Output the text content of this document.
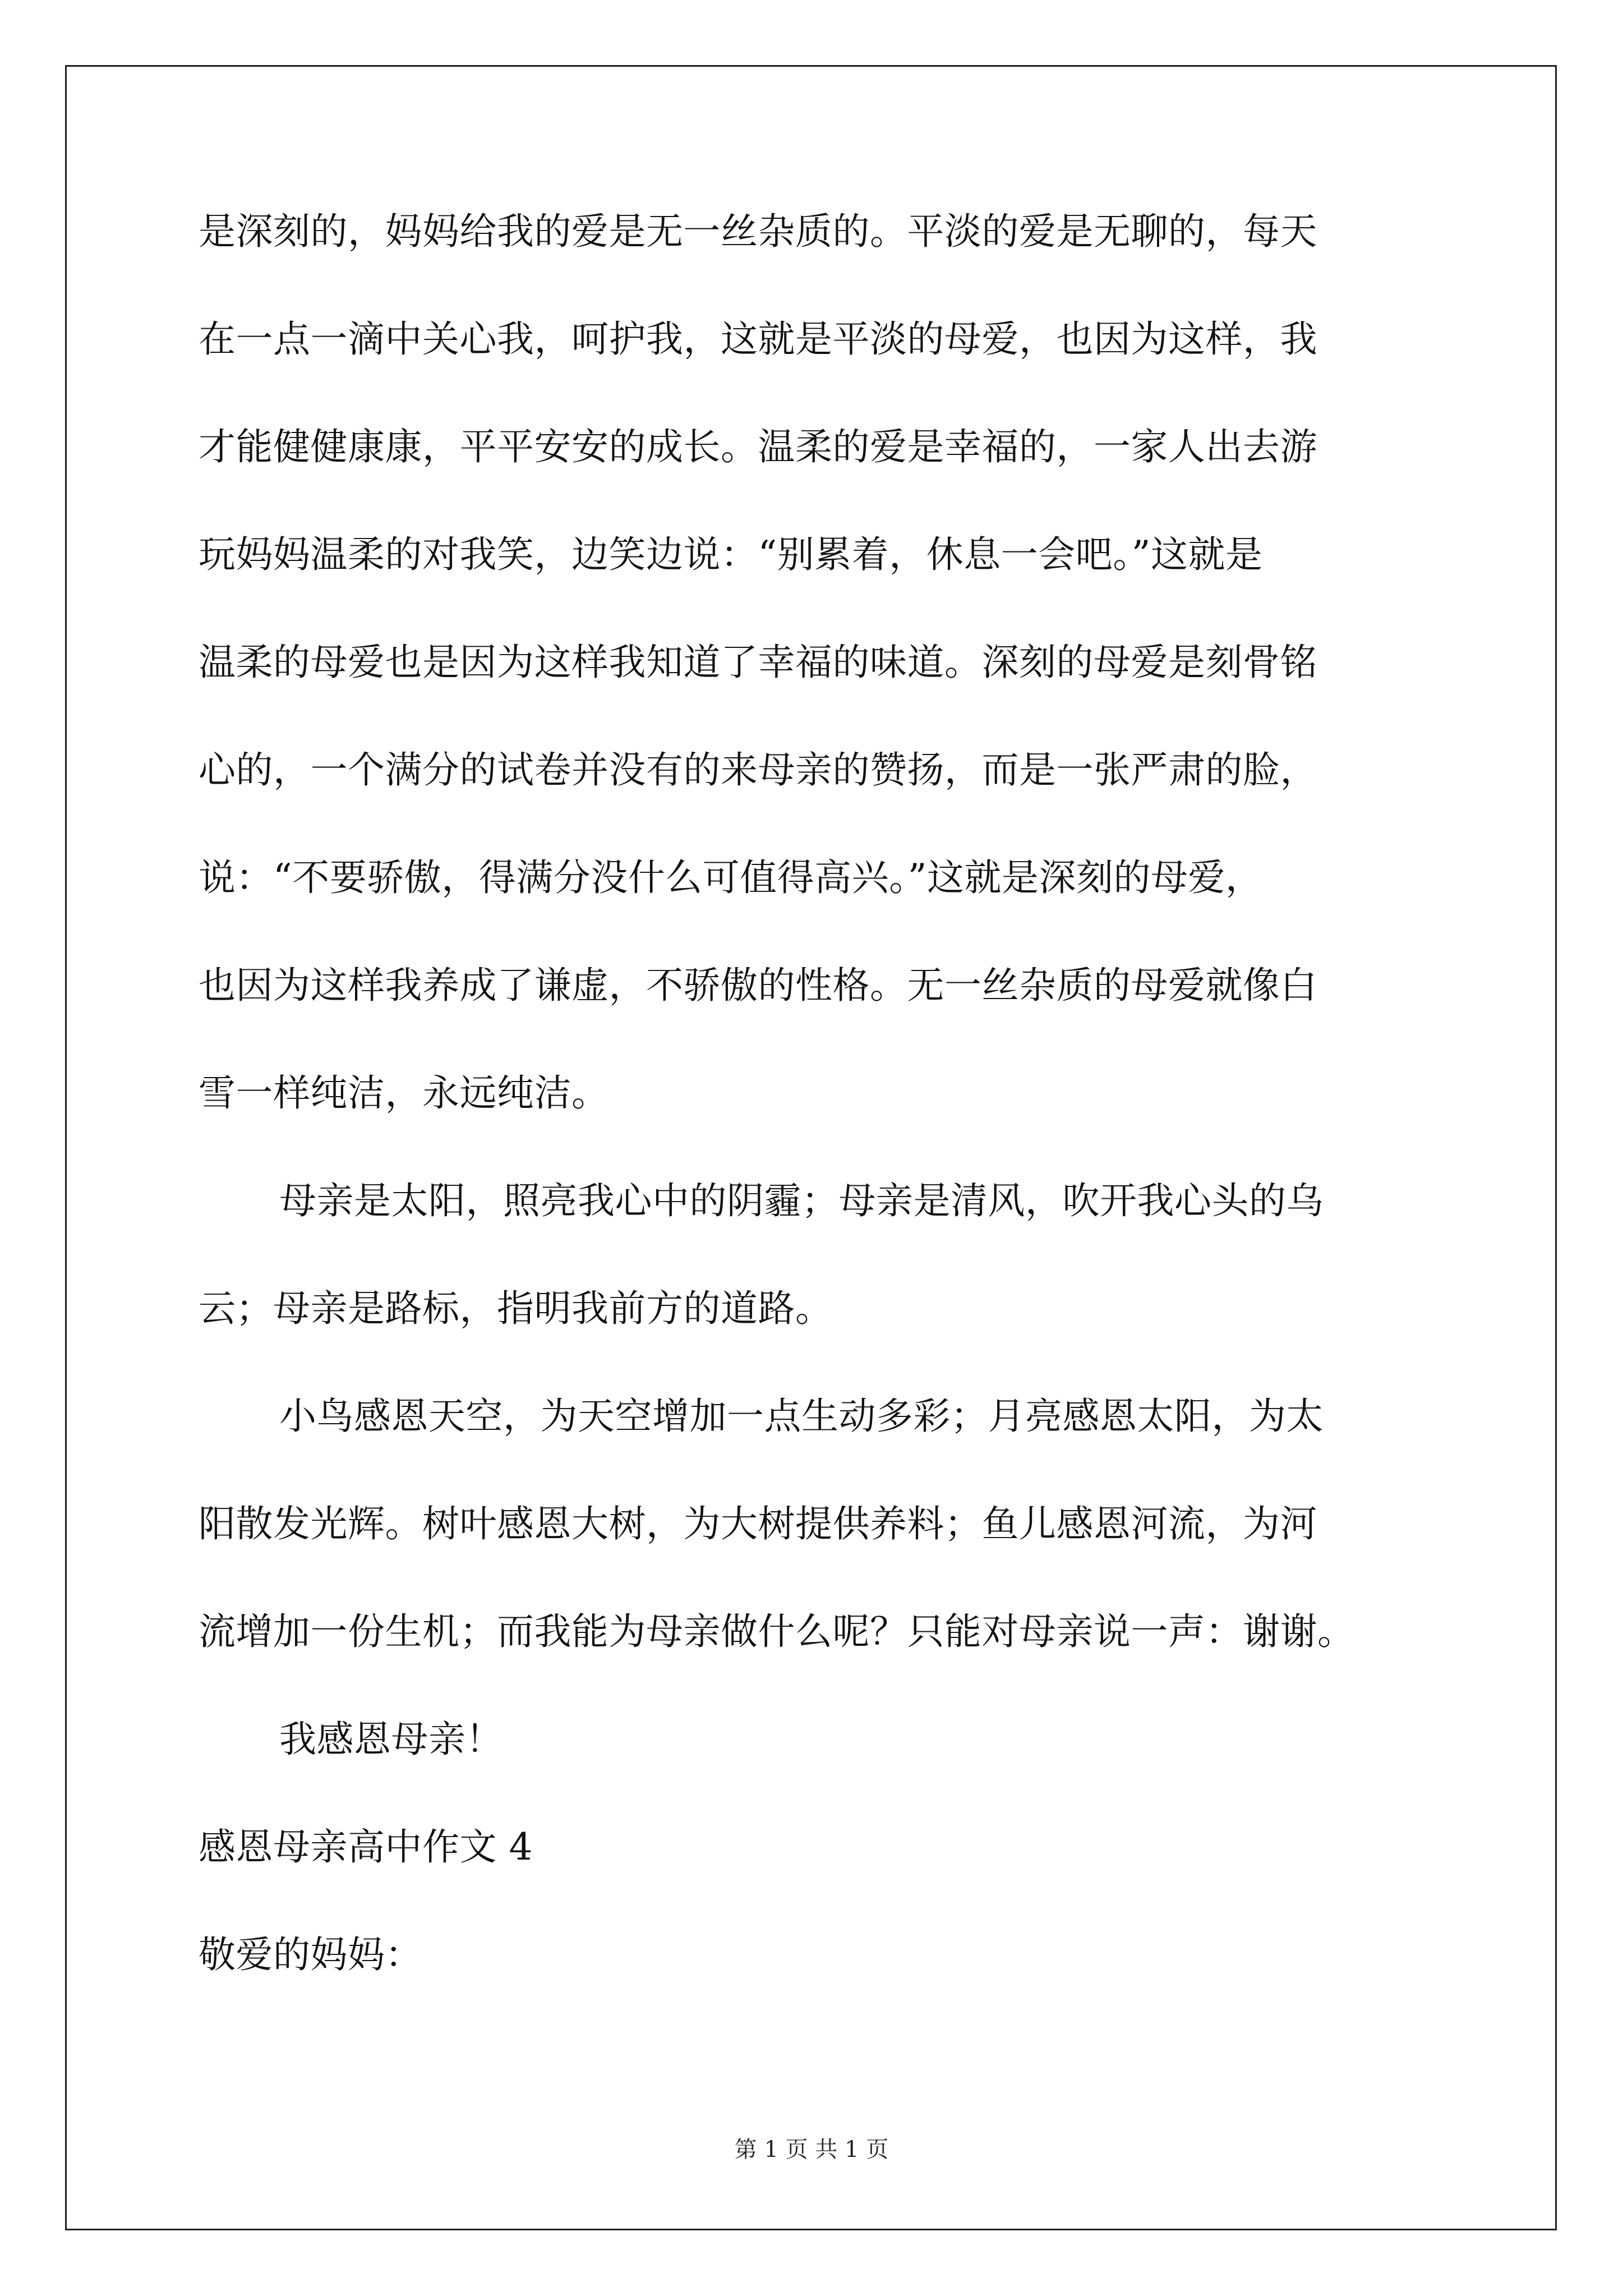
是深刻的，妈妈给我的爱是无一丝杂质的。平淡的爱是无聊的，每天
在一点一滴中关心我，呵护我，这就是平淡的母爱，也因为这样，我
才能健健康康，平平安安的成长。温柔的爱是幸福的，一家人出去游
玩妈妈温柔的对我笑，边笑边说：“别累着，休息一会吧。”这就是
温柔的母爱也是因为这样我知道了幸福的味道。深刻的母爱是刻骨铭
心的，一个满分的试卷并没有的来母亲的赞扬，而是一张严肃的脸，
说：“不要骄傲，得满分没什么可值得高兴。”这就是深刻的母爱，
也因为这样我养成了谦虚，不骄傲的性格。无一丝杂质的母爱就像白
雪一样纯洁，永远纯洁。
母亲是太阳，照亮我心中的阴霾；母亲是清风，吹开我心头的乌
云；母亲是路标，指明我前方的道路。
小鸟感恩天空，为天空增加一点生动多彩；月亮感恩太阳，为太
阳散发光辉。树叶感恩大树，为大树提供养料；鱼儿感恩河流，为河
流增加一份生机；而我能为母亲做什么呢？只能对母亲说一声：谢谢。
我感恩母亲！
感恩母亲高中作文 4
敬爱的妈妈：
第 1 页 共 1 页
